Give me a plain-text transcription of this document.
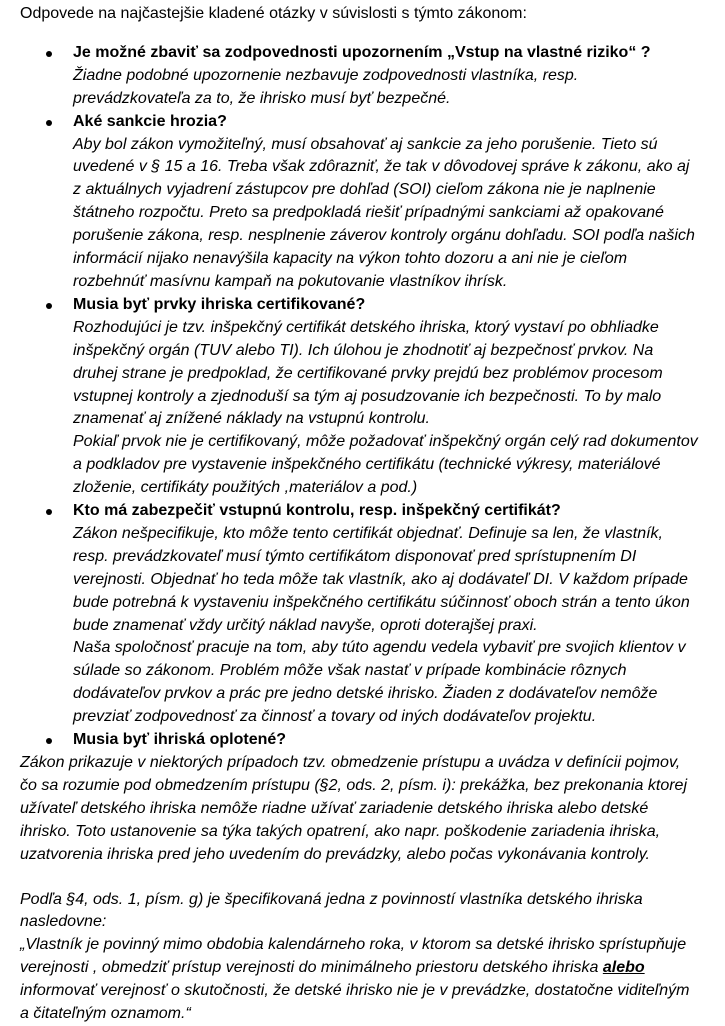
Odpovede na najčastejšie kladené otázky v súvislosti s týmto zákonom:
Je možné zbaviť sa zodpovednosti upozornením „Vstup na vlastné riziko“ ?
Žiadne podobné upozornenie nezbavuje zodpovednosti vlastníka, resp. prevádzkovateľa za to, že ihrisko musí byť bezpečné.
Aké sankcie hrozia?
Aby bol zákon vymožiteľný, musí obsahovať aj sankcie za jeho porušenie. Tieto sú uvedené v § 15 a 16. Treba však zdôrazniť, že tak v dôvodovej správe k zákonu, ako aj z aktuálnych vyjadrení zástupcov pre dohľad (SOI) cieľom zákona nie je naplnenie štátneho rozpočtu. Preto sa predpokladá riešiť prípadnými sankciami až opakované porušenie zákona, resp. nesplnenie záverov kontroly orgánu dohľadu. SOI podľa našich informácií nijako nenavýšila kapacity na výkon tohto dozoru a ani nie je cieľom rozbehnúť masívnu kampaň na pokutovanie vlastníkov ihrísk.
Musia byť prvky ihriska certifikované?
Rozhodujúci je tzv. inšpekčný certifikát detského ihriska, ktorý vystaví po obhliadke inšpekčný orgán (TUV alebo TI). Ich úlohou je zhodnotiť aj bezpečnosť prvkov. Na druhej strane je predpoklad, že certifikované prvky prejdú bez problémov procesom vstupnej kontroly a zjednoduší sa tým aj posudzovanie ich bezpečnosti. To by malo znamenať aj znížené náklady na vstupnú kontrolu.
Pokiaľ prvok nie je certifikovaný, môže požadovať inšpekčný orgán celý rad dokumentov a podkladov pre vystavenie inšpekčného certifikátu (technické výkresy, materiálové zloženie, certifikáty použitých ,materiálov a pod.)
Kto má zabezpečiť vstupnú kontrolu, resp. inšpekčný certifikát?
Zákon nešpecifikuje, kto môže tento certifikát objednať. Definuje sa len, že vlastník, resp. prevádzkovateľ musí týmto certifikátom disponovať pred sprístupnením DI verejnosti. Objednať ho teda môže tak vlastník, ako aj dodávateľ DI. V každom prípade bude potrebná k vystaveniu inšpekčného certifikátu súčinnosť oboch strán a tento úkon bude znamenať vždy určitý náklad navyše, oproti doterajšej praxi.
Naša spoločnosť pracuje na tom, aby túto agendu vedela vybaviť pre svojich klientov v súlade so zákonom. Problém môže však nastať v prípade kombinácie rôznych dodávateľov prvkov a prác pre jedno detské ihrisko. Žiaden z dodávateľov nemôže prevziať zodpovednosť za činnosť a tovary od iných dodávateľov projektu.
Musia byť ihriská oplotené?
Zákon prikazuje v niektorých prípadoch tzv. obmedzenie prístupu a uvádza v definícii pojmov, čo sa rozumie pod obmedzením prístupu (§2, ods. 2, písm. i): prekážka, bez prekonania ktorej užívateľ detského ihriska nemôže riadne užívať zariadenie detského ihriska alebo detské ihrisko. Toto ustanovenie sa týka takých opatrení, ako napr. poškodenie zariadenia ihriska, uzatvorenia ihriska pred jeho uvedením do prevádzky, alebo počas vykonávania kontroly.
Podľa §4, ods. 1, písm. g) je špecifikovaná jedna z povinností vlastníka detského ihriska nasledovne:
„Vlastník je povinný mimo obdobia kalendárneho roka, v ktorom sa detské ihrisko sprístupňuje verejnosti , obmedziť prístup verejnosti do minimálneho priestoru detského ihriska alebo informovať verejnosť o skutočnosti, že detské ihrisko nie je v prevádzke, dostatočne viditeľným a čitateľným oznamom.“
